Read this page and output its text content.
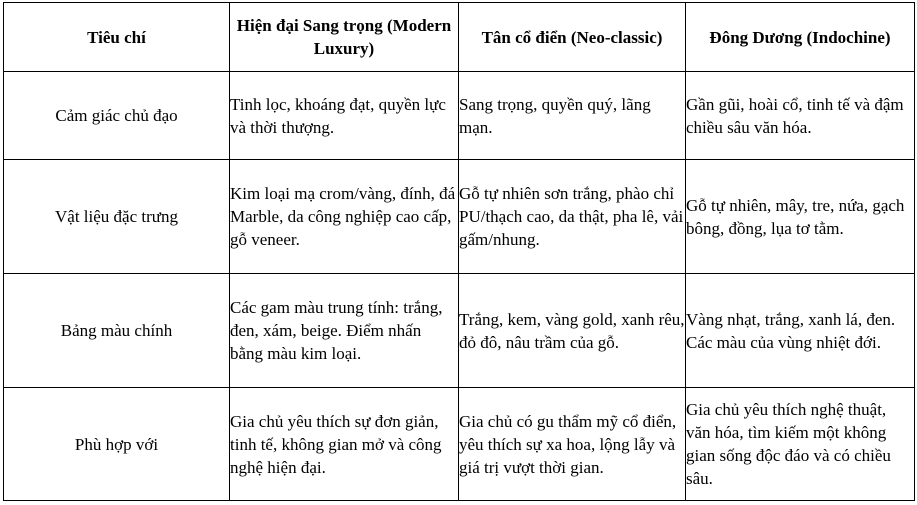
Tiêu chí	Hiện đại Sang trọng (Modern Luxury)	Tân cổ điển (Neo-classic)	Đông Dương (Indochine)
Cảm giác chủ đạo	Tinh lọc, khoáng đạt, quyền lực và thời thượng.	Sang trọng, quyền quý, lãng mạn.	Gần gũi, hoài cổ, tinh tế và đậm chiều sâu văn hóa.
Vật liệu đặc trưng	Kim loại mạ crom/vàng, đính, đá Marble, da công nghiệp cao cấp, gỗ veneer.	Gỗ tự nhiên sơn trắng, phào chỉ PU/thạch cao, da thật, pha lê, vải gấm/nhung.	Gỗ tự nhiên, mây, tre, nứa, gạch bông, đồng, lụa tơ tằm.
Bảng màu chính	Các gam màu trung tính: trắng, đen, xám, beige. Điểm nhấn bằng màu kim loại.	Trắng, kem, vàng gold, xanh rêu, đỏ đô, nâu trầm của gỗ.	Vàng nhạt, trắng, xanh lá, đen. Các màu của vùng nhiệt đới.
Phù hợp với	Gia chủ yêu thích sự đơn giản, tinh tế, không gian mở và công nghệ hiện đại.	Gia chủ có gu thẩm mỹ cổ điển, yêu thích sự xa hoa, lộng lẫy và giá trị vượt thời gian.	Gia chủ yêu thích nghệ thuật, văn hóa, tìm kiếm một không gian sống độc đáo và có chiều sâu.
